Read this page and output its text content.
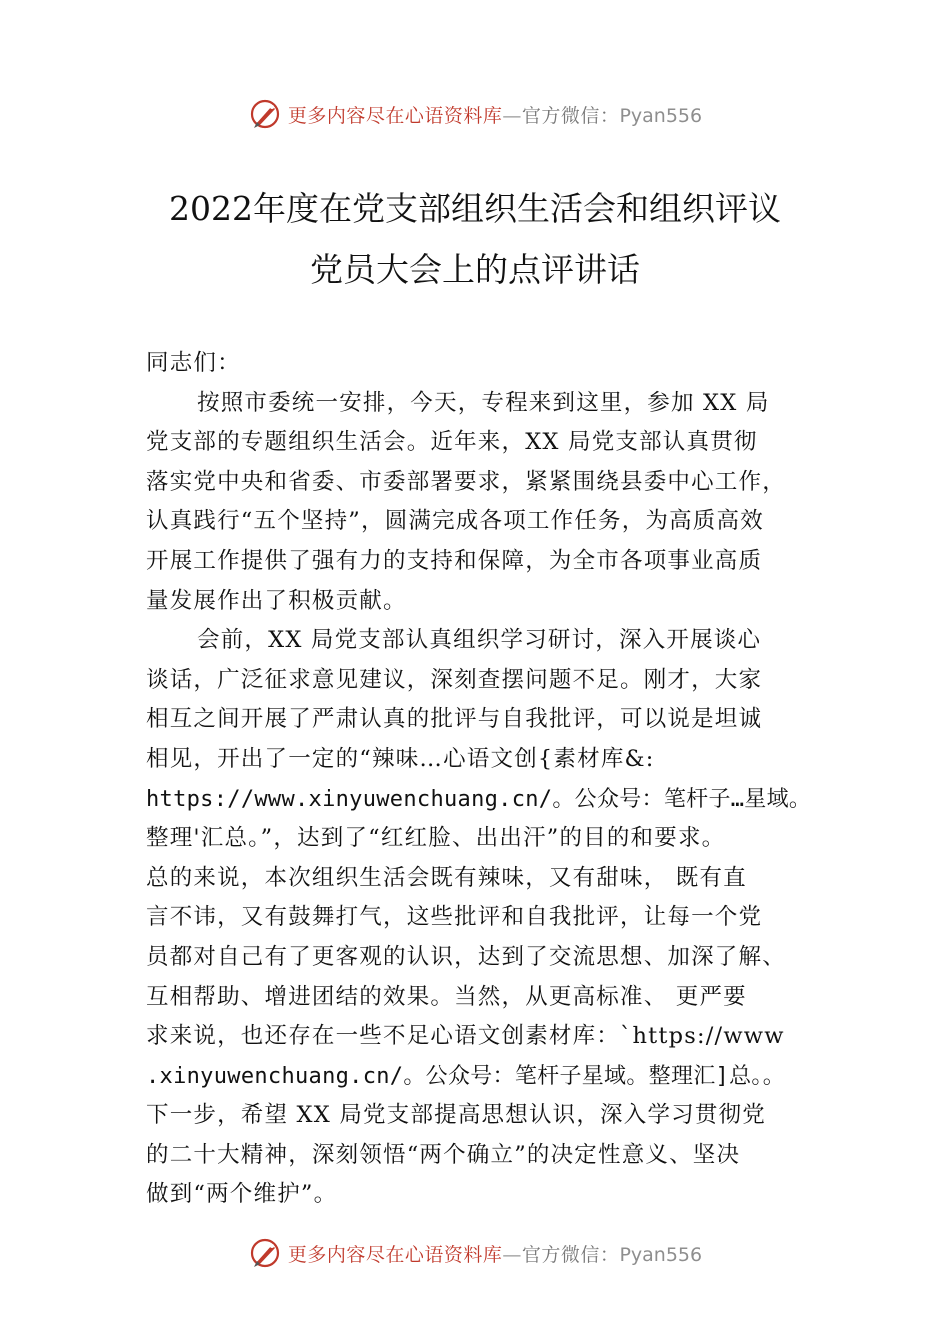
更多内容尽在心语资料库—官方微信：Pyan556
2022年度在党支部组织生活会和组织评议
党员大会上的点评讲话
同志们：
按照市委统一安排，今天，专程来到这里，参加 XX 局
党支部的专题组织生活会。近年来，XX 局党支部认真贯彻
落实党中央和省委、市委部署要求，紧紧围绕县委中心工作，
认真践行“五个坚持”，圆满完成各项工作任务，为高质高效
开展工作提供了强有力的支持和保障，为全市各项事业高质
量发展作出了积极贡献。
会前，XX 局党支部认真组织学习研讨，深入开展谈心
谈话，广泛征求意见建议，深刻查摆问题不足。刚才，大家
相互之间开展了严肃认真的批评与自我批评，可以说是坦诚
相见，开出了一定的“辣味…心语文创{素材库&:
https://www.xinyuwenchuang.cn/。公众号：笔杆子…星域。
整理'汇总。”，达到了“红红脸、出出汗”的目的和要求。
总的来说，本次组织生活会既有辣味，又有甜味， 既有直
言不讳，又有鼓舞打气，这些批评和自我批评，让每一个党
员都对自己有了更客观的认识，达到了交流思想、加深了解、
互相帮助、增进团结的效果。当然，从更高标准、 更严要
求来说，也还存在一些不足心语文创素材库：`https://www
.xinyuwenchuang.cn/。公众号：笔杆子星域。整理汇]总。。
下一步，希望 XX 局党支部提高思想认识，深入学习贯彻党
的二十大精神，深刻领悟“两个确立”的决定性意义、坚决
做到“两个维护”。
更多内容尽在心语资料库—官方微信：Pyan556
